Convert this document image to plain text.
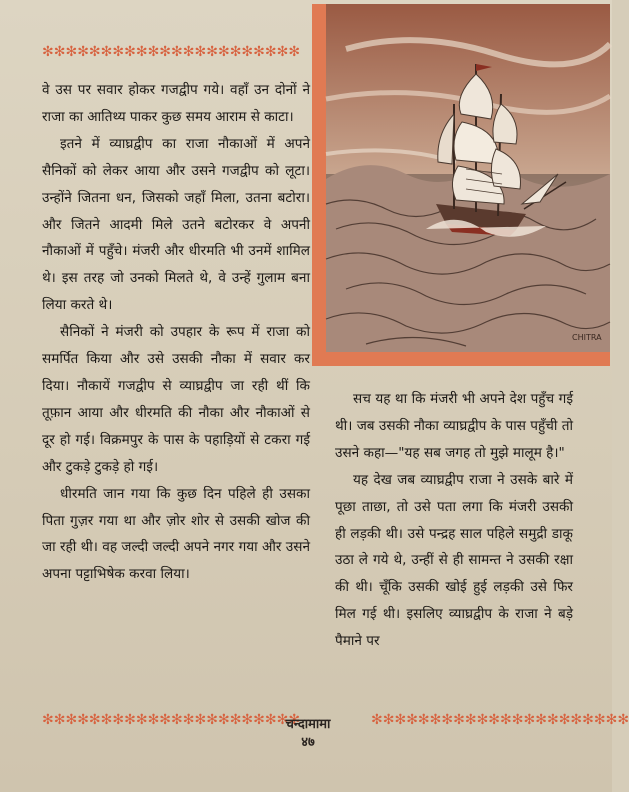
✻✻✻✻✻✻✻✻✻✻✻✻✻✻✻✻✻✻✻✻✻✻

वे उस पर सवार होकर गजद्वीप गये। वहाँ उन दोनों ने राजा का आतिथ्य पाकर कुछ समय आराम से काटा।

इतने में व्याघ्रद्वीप का राजा नौकाओं में अपने सैनिकों को लेकर आया और उसने गजद्वीप को लूटा। उन्होंने जितना धन, जिसको जहाँ मिला, उतना बटोरा। और जितने आदमी मिले उतने बटोरकर वे अपनी नौकाओं में पहुँचे। मंजरी और धीरमति भी उनमें शामिल थे। इस तरह जो उनको मिलते थे, वे उन्हें गुलाम बना लिया करते थे।

सैनिकों ने मंजरी को उपहार के रूप में राजा को समर्पित किया और उसे उसकी नौका में सवार कर दिया। नौकायें गजद्वीप से व्याघ्रद्वीप जा रही थीं कि तूफ़ान आया और धीरमति की नौका और नौकाओं से दूर हो गई। विक्रमपुर के पास के पहाड़ियों से टकरा गई और टुकड़े टुकड़े हो गई।

धीरमति जान गया कि कुछ दिन पहिले ही उसका पिता गुज़र गया था और ज़ोर शोर से उसकी खोज की जा रही थी। वह जल्दी जल्दी अपने नगर गया और उसने अपना पट्टाभिषेक करवा लिया।

CHITRA

सच यह था कि मंजरी भी अपने देश पहुँच गई थी। जब उसकी नौका व्याघ्रद्वीप के पास पहुँची तो उसने कहा—"यह सब जगह तो मुझे मालूम है।"

यह देख जब व्याघ्रद्वीप राजा ने उसके बारे में पूछा ताछा, तो उसे पता लगा कि मंजरी उसकी ही लड़की थी। उसे पन्द्रह साल पहिले समुद्री डाकू उठा ले गये थे, उन्हीं से ही सामन्त ने उसकी रक्षा की थी। चूँकि उसकी खोई हुई लड़की उसे फिर मिल गई थी। इसलिए व्याघ्रद्वीप के राजा ने बड़े पैमाने पर

✻✻✻✻✻✻✻✻✻✻✻✻✻✻✻✻✻✻✻✻✻✻	✻✻✻✻✻✻✻✻✻✻✻✻✻✻✻✻✻✻✻✻✻✻
चन्दामामा
४७
